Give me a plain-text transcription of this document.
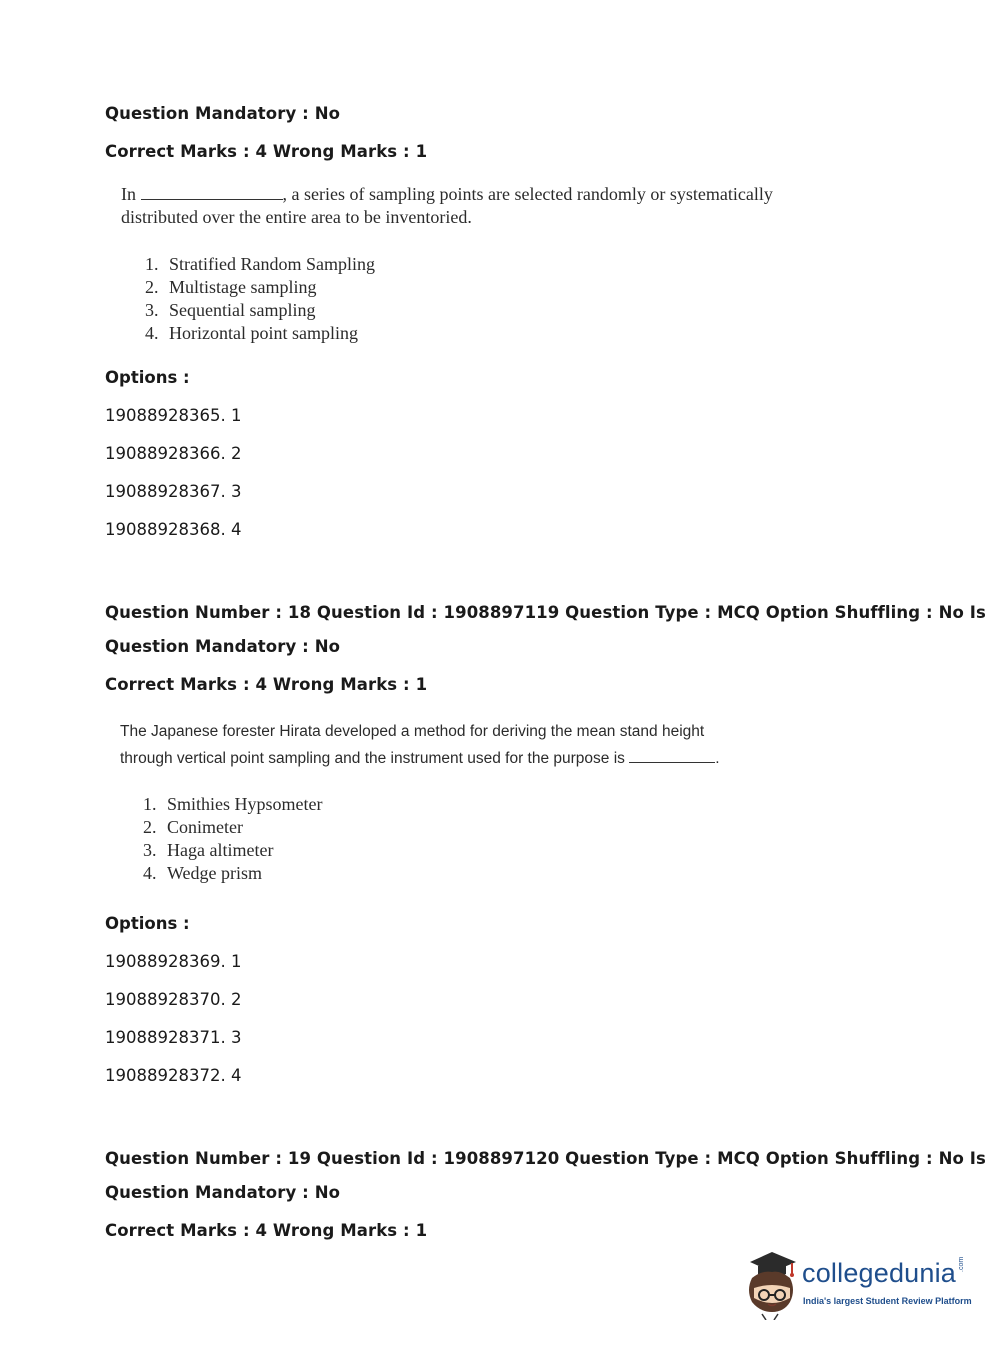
Question Mandatory : No
Correct Marks : 4 Wrong Marks : 1
In	, a series of sampling points are selected randomly or systematically
distributed over the entire area to be inventoried.
1. Stratified Random Sampling
2. Multistage sampling
3. Sequential sampling
4. Horizontal point sampling
Options :
19088928365. 1
19088928366. 2
19088928367. 3
19088928368. 4
Question Number : 18 Question Id : 1908897119 Question Type : MCQ Option Shuffling : No Is
Question Mandatory : No
Correct Marks : 4 Wrong Marks : 1
The Japanese forester Hirata developed a method for deriving the mean stand height
through vertical point sampling and the instrument used for the purpose is	.
1. Smithies Hypsometer
2. Conimeter
3. Haga altimeter
4. Wedge prism
Options :
19088928369. 1
19088928370. 2
19088928371. 3
19088928372. 4
Question Number : 19 Question Id : 1908897120 Question Type : MCQ Option Shuffling : No Is
Question Mandatory : No
Correct Marks : 4 Wrong Marks : 1
collegedunia .com
India's largest Student Review Platform
